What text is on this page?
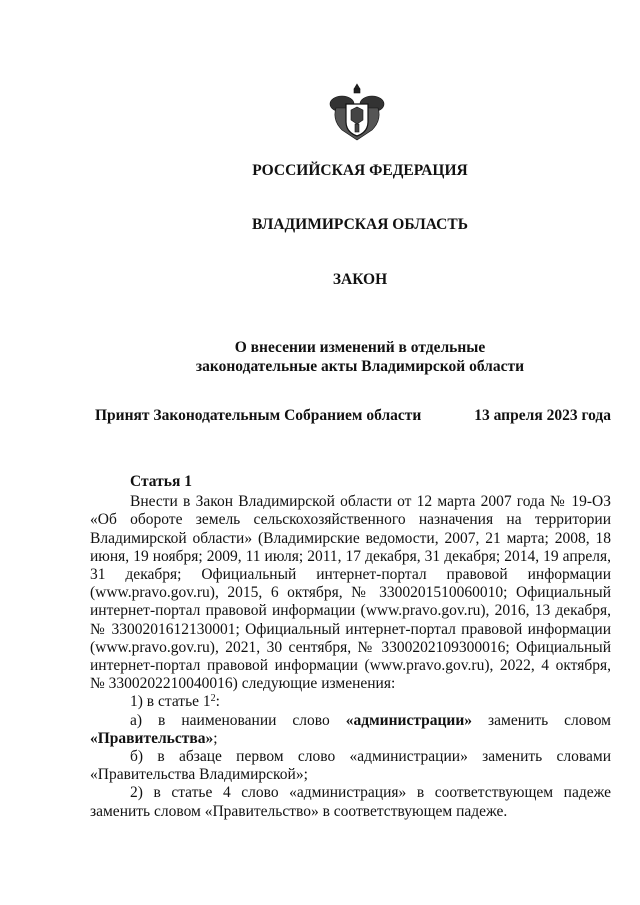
РОССИЙСКАЯ ФЕДЕРАЦИЯ
ВЛАДИМИРСКАЯ ОБЛАСТЬ
ЗАКОН
О внесении изменений в отдельные
законодательные акты Владимирской области
Принят Законодательным Собранием области	13 апреля 2023 года

Статья 1

Внести в Закон Владимирской области от 12 марта 2007 года № 19-ОЗ «Об обороте земель сельскохозяйственного назначения на территории Владимирской области» (Владимирские ведомости, 2007, 21 марта; 2008, 18 июня, 19 ноября; 2009, 11 июля; 2011, 17 декабря, 31 декабря; 2014, 19 апреля, 31 декабря; Официальный интернет-портал правовой информации (www.pravo.gov.ru), 2015, 6 октября, № 3300201510060010; Официальный интернет-портал правовой информации (www.pravo.gov.ru), 2016, 13 декабря, № 3300201612130001; Официальный интернет-портал правовой информации (www.pravo.gov.ru), 2021, 30 сентября, № 3300202109300016; Официальный интернет-портал правовой информации (www.pravo.gov.ru), 2022, 4 октября, № 3300202210040016) следующие изменения:

1) в статье $1^2$:

а) в наименовании слово «администрации» заменить словом «Правительства»;

б) в абзаце первом слово «администрации» заменить словами «Правительства Владимирской»;

2) в статье 4 слово «администрация» в соответствующем падеже заменить словом «Правительство» в соответствующем падеже.
